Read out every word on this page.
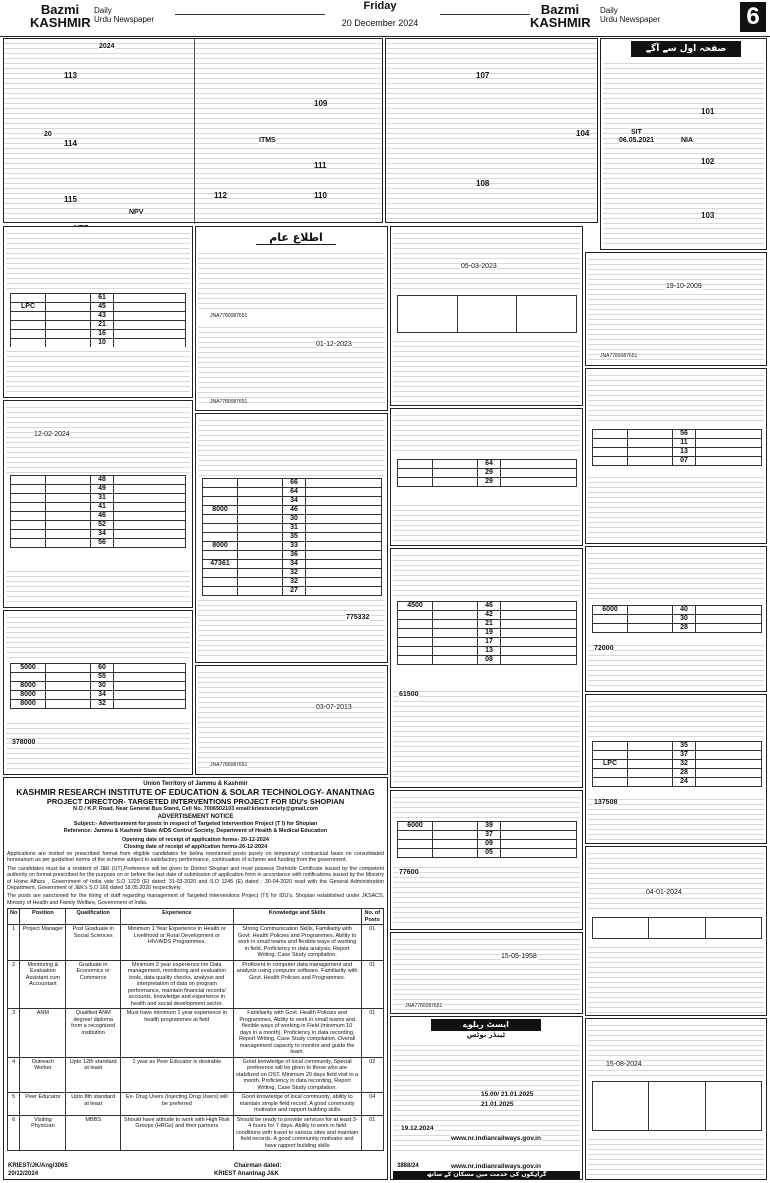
Bazmi
KASHMIR
Daily
Urdu Newspaper
Friday
20 December 2024
Bazmi
KASHMIR
Daily
Urdu Newspaper	6
113
114
115
109
111
110
112
2024
20
NPV
ITMS
107
108
104
صفحہ اول سے آگے
101
102
103
SIT
06.05.2021	NIA
		61	
LPC		45	
		43	
		21	
		16	
		10	
12-02-2024
		48	
		49	
		31	
		41	
		46	
		52	
		34	
		56	
5000		60	
		55	
8000		30	
8000		34	
8000		32	
378000
اطلاع عام
JNA7780087651
01-12-2023
JNA7780087651
		66	
		64	
		34	
8000		46	
		30	
		31	
		35	
8000		33	
		36	
47361		34	
		32	
		32	
		27	
775332
03-07-2013
JNA7780087651
05-03-2023

		64	
		29	
		29	
4500		46	
		42	
		21	
		19	
		17	
		13	
		08	
61500
6000		39	
		37	
		09	
		05	
77600
15-05-1958
JNA7780087651
ایسٹ ریلوے
ٹینڈر نوٹس
15.00/ 21.01.2025
21.01.2025
19.12.2024
www.nr.indianrailways.gov.in
www.nr.indianrailways.gov.in
3888/24
گراہکوں کی خدمت میں مسکان کے ساتھ
19-10-2009
JNA7780087651
		56	
		11	
		13	
		07	
6000		40	
		30	
		28	
72000
		35	
		37	
LPC		32	
		28	
		24	
137508
04-01-2024

15-08-2024

Union Territory of Jammu & Kashmir
KASHMIR RESEARCH INSTITUTE OF EDUCATION & SOLAR TECHNOLOGY- ANANTNAG
PROJECT DIRECTOR- TARGETED INTERVENTIONS PROJECT FOR IDU's SHOPIAN
N.O / K.P. Road, Near General Bus Stand, Cell No. 7006502103 email:kriestsociety@gmail.com
ADVERTISEMENT NOTICE
Subject:- Advertisement for posts in respect of Targeted Intervention Project (T I) for Shopian
Reference: Jammu & Kashmir State AIDS Control Society, Department of Health & Medical Education
Opening date of receipt of application forms- 20-12-2024
Closing date of receipt of application forms-26-12-2024
Applications are invited on prescribed format from eligible candidates for below mentioned posts purely on temporary/ contractual basis on consolidated honorarium as per guideline/ norms of the scheme subject to satisfactory performance, continuation of scheme and funding from the government.
The candidates must be a resident of J&K (UT),Preference will be given to District Shopian and must possess Domicile Certificate issued by the competent authority on format prescribed for the purpose on or before the last date of submission of application form in accordance with notifications issued by the Ministry of Home Affairs , Government of India vide S.O 1229 (E) dated: 31-03-2020 and S.O 1245 (E) dated ; 30-04-2020 read with the General Administration Department, Government of J&K's S.O 166 dated 18.05.2020 respectively.
The posts are sanctioned for the hiring of staff regarding management of Targeted Interventions Project (TI) for IDU's, Shopian established under JKSACS, Ministry of Health and Family Welfare, Government of India.
No	Position	Qualification	Experience	Knowledge and Skills	No. of Posts
1	Project Manager	Post Graduate in Social Sciences	Minimum 1 Year Experience in Health or Livelihood or Rural Development or HIV/AIDS Programmes.	Strong Communication Skills, Familiarity with Govt. Health Policies and Programmes, Ability to work in small teams and flexible ways of working in field, Proficiency in data analysis, Report Writing, Case Study compilation.	01
2	Monitoring & Evaluation Assistant cum Accountant	Graduate in Economics or Commerce	Minimum 2 year experience inn Data management, monitoring and evaluation tools, data quality checks, analysis and interpretation of data on program performance, maintain financial records/ accounts, knowledge and experience in health and social development sector.	Proficient in computer data management and analysis using computer software, Familiarity with Govt. Health Policies and Programmes.	01
3	ANM	Qualified ANM degree/ diploma from a recognized institution	Must have minimum 1 year experience in health programmes at field	Familiarity with Govt. Health Policies and Programmes, Ability to work in small teams and flexible ways of working in Field (minimum 10 days in a month), Proficiency in data recording, Report Writing, Case Study compilation. Overall management capacity to monitor and guide the team.	01
4	Outreach Worker	Upto 12th standard at least	1 year as Peer Educator is desirable	Good knowledge of local community, Special preference will be given to those who are stabilized on OST. Minimum 20 days field visit in a month. Proficiency in data recording, Report Writing, Case Study compilation.	02
5	Peer Educator	Upto 8th standard at least	Ex- Drug Users (Injecting Drug Users) will be preferred	Good knowledge of local community, ability to maintain simple field record. A good community motivator and rapport building skills	04
6	Visiting Physician	MBBS	Should have attitude to work with High Risk Groups (HRGs) and their partners	Should be ready to provide services for at least 3-4 hours for 7 days. Ability to work in field conditions with travel to various sites and maintain field records. A good community motivator and have rapport building skills	01
KRIEST/JK/Ang/3065
20/12/2024
Chairman dated:
KRIEST Anantnag J&K
